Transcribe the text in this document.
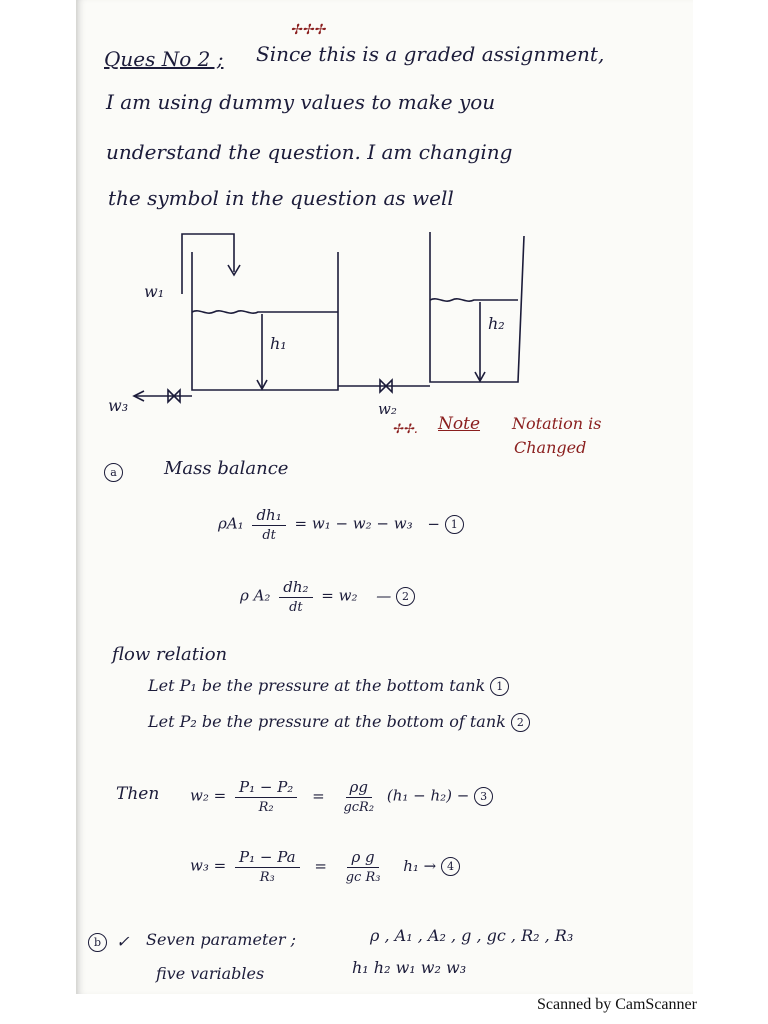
✢✢✢
Ques No 2 ; Since this is a graded assignment,
I am using dummy values to make you
understand the question. I am changing
the symbol in the question as well
w₁
h₁
h₂
w₃	w₂
✢✢. Note Notation is
Changed
a	Mass balance
$\rho A_1 \frac{\text{dh₁}}{dt} = w_1 - w_2 - w_3 - 1$
ρ $A_2 \frac{\text{dh₂}}{dt} = w_2$ — 2
flow relation
Let P₁ be the pressure at the bottom tank 1
Let P₂ be the pressure at the bottom of tank 2
Then $w_2 = \frac{\text{P₁ − P₂}}{\text{R₂}} = \frac{\rho g}{\text{gcR₂}} (h_1 - h_2) - 3$
$w_3 = \frac{\text{P₁ − Pa}}{\text{R₃}} = \frac{\text{ρ g}}{\text{gc R₃}} h_1 \to 4$
b ✓ Seven parameter ;	ρ , A₁ , A₂ , g , gc , R₂ , R₃
five variables	h₁ h₂ w₁ w₂ w₃
Scanned by CamScanner
